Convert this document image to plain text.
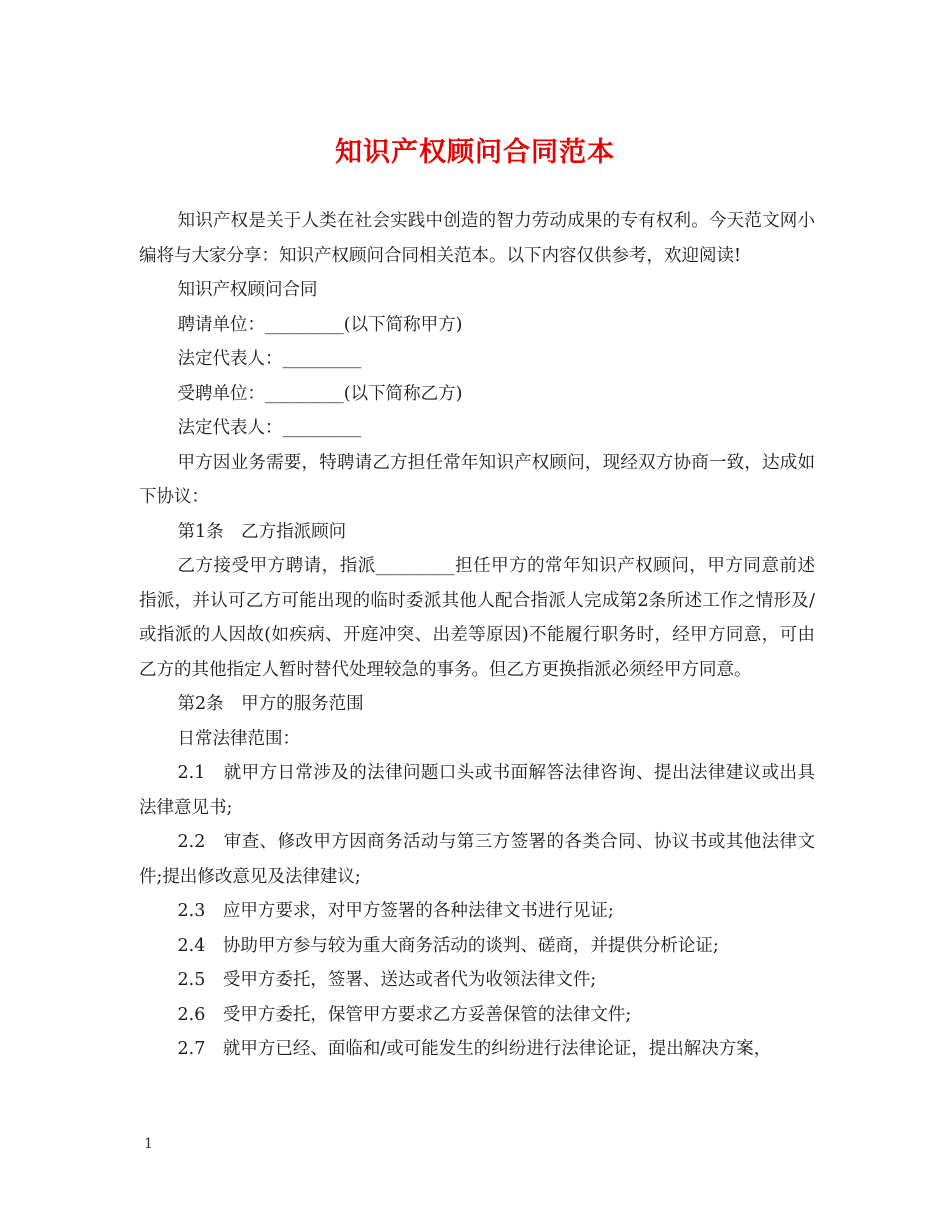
知识产权顾问合同范本

知识产权是关于人类在社会实践中创造的智力劳动成果的专有权利。今天范文网小编将与大家分享：知识产权顾问合同相关范本。以下内容仅供参考，欢迎阅读!

知识产权顾问合同

聘请单位：_________(以下简称甲方)

法定代表人：_________

受聘单位：_________(以下简称乙方)

法定代表人：_________

甲方因业务需要，特聘请乙方担任常年知识产权顾问，现经双方协商一致，达成如下协议：

第1条　乙方指派顾问

乙方接受甲方聘请，指派_________担任甲方的常年知识产权顾问，甲方同意前述指派，并认可乙方可能出现的临时委派其他人配合指派人完成第2条所述工作之情形及/或指派的人因故(如疾病、开庭冲突、出差等原因)不能履行职务时，经甲方同意，可由乙方的其他指定人暂时替代处理较急的事务。但乙方更换指派必须经甲方同意。

第2条　甲方的服务范围

日常法律范围：

2.1　就甲方日常涉及的法律问题口头或书面解答法律咨询、提出法律建议或出具法律意见书;

2.2　审查、修改甲方因商务活动与第三方签署的各类合同、协议书或其他法律文件;提出修改意见及法律建议;

2.3　应甲方要求，对甲方签署的各种法律文书进行见证;

2.4　协助甲方参与较为重大商务活动的谈判、磋商，并提供分析论证;

2.5　受甲方委托，签署、送达或者代为收领法律文件;

2.6　受甲方委托，保管甲方要求乙方妥善保管的法律文件;

2.7　就甲方已经、面临和/或可能发生的纠纷进行法律论证，提出解决方案，

1
